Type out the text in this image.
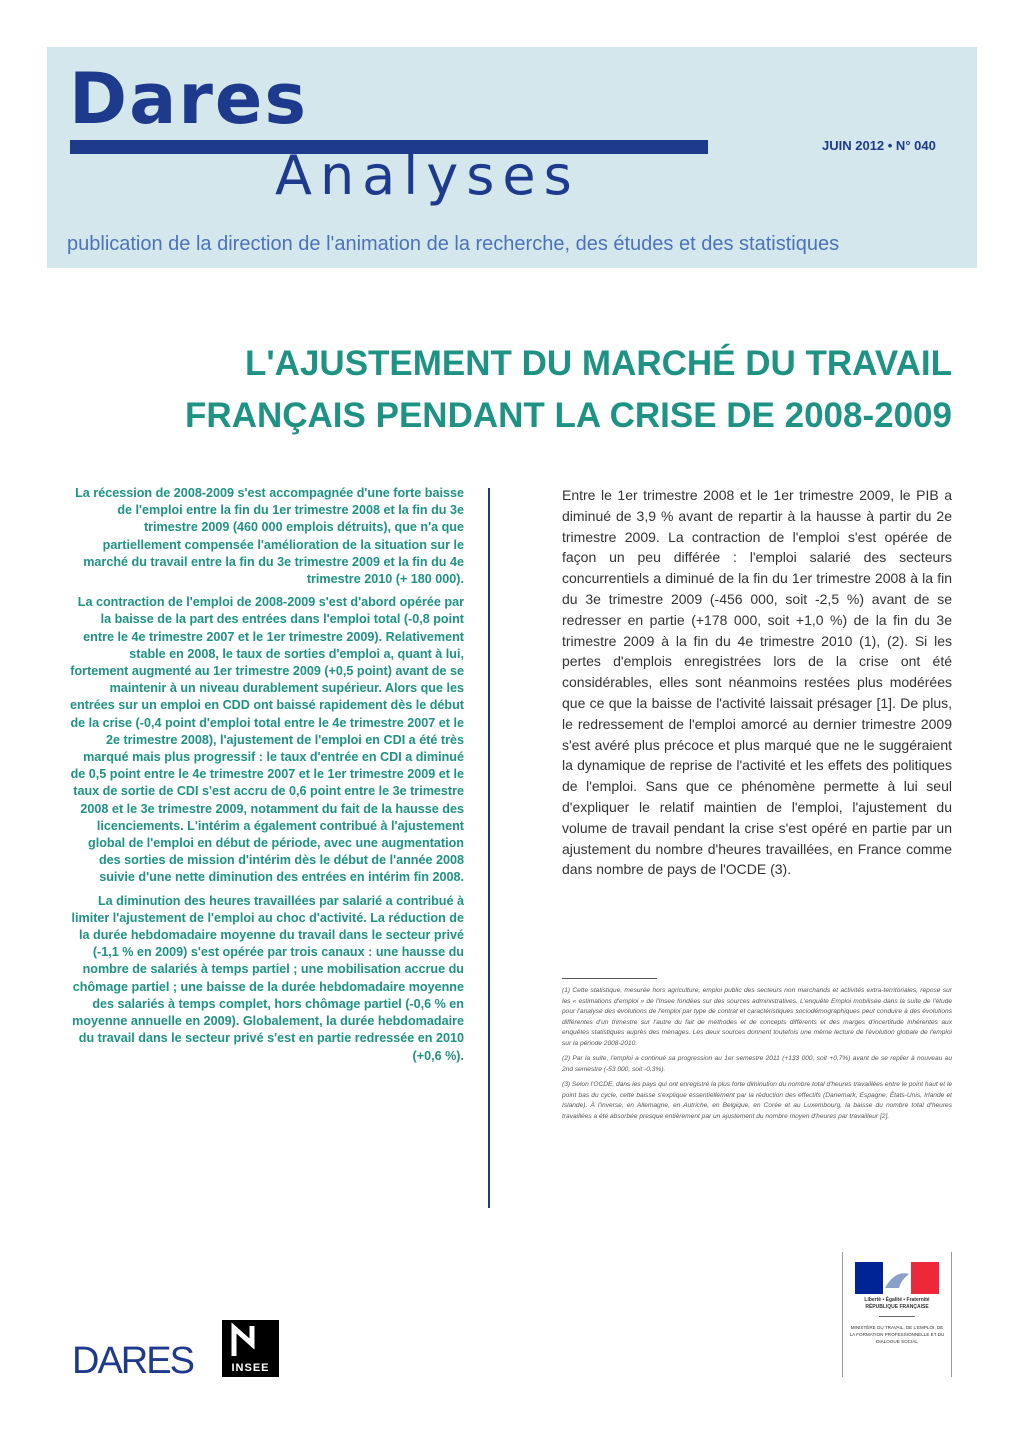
Dares
Analyses	JUIN 2012 • N° 040
publication de la direction de l'animation de la recherche, des études et des statistiques
L'AJUSTEMENT DU MARCHÉ DU TRAVAIL
FRANÇAIS PENDANT LA CRISE DE 2008-2009

La récession de 2008-2009 s'est accompagnée d'une forte baisse de l'emploi entre la fin du 1er trimestre 2008 et la fin du 3e trimestre 2009 (460 000 emplois détruits), que n'a que partiellement compensée l'amélioration de la situation sur le marché du travail entre la fin du 3e trimestre 2009 et la fin du 4e trimestre 2010 (+ 180 000).

La contraction de l'emploi de 2008-2009 s'est d'abord opérée par la baisse de la part des entrées dans l'emploi total (-0,8 point entre le 4e trimestre 2007 et le 1er trimestre 2009). Relativement stable en 2008, le taux de sorties d'emploi a, quant à lui, fortement augmenté au 1er trimestre 2009 (+0,5 point) avant de se maintenir à un niveau durablement supérieur. Alors que les entrées sur un emploi en CDD ont baissé rapidement dès le début de la crise (-0,4 point d'emploi total entre le 4e trimestre 2007 et le 2e trimestre 2008), l'ajustement de l'emploi en CDI a été très marqué mais plus progressif : le taux d'entrée en CDI a diminué de 0,5 point entre le 4e trimestre 2007 et le 1er trimestre 2009 et le taux de sortie de CDI s'est accru de 0,6 point entre le 3e trimestre 2008 et le 3e trimestre 2009, notamment du fait de la hausse des licenciements. L'intérim a également contribué à l'ajustement global de l'emploi en début de période, avec une augmentation des sorties de mission d'intérim dès le début de l'année 2008 suivie d'une nette diminution des entrées en intérim fin 2008.

La diminution des heures travaillées par salarié a contribué à limiter l'ajustement de l'emploi au choc d'activité. La réduction de la durée hebdomadaire moyenne du travail dans le secteur privé (-1,1 % en 2009) s'est opérée par trois canaux : une hausse du nombre de salariés à temps partiel ; une mobilisation accrue du chômage partiel ; une baisse de la durée hebdomadaire moyenne des salariés à temps complet, hors chômage partiel (-0,6 % en moyenne annuelle en 2009). Globalement, la durée hebdomadaire du travail dans le secteur privé s'est en partie redressée en 2010 (+0,6 %).

Entre le 1er trimestre 2008 et le 1er trimestre 2009, le PIB a diminué de 3,9 % avant de repartir à la hausse à partir du 2e trimestre 2009. La contraction de l'emploi s'est opérée de façon un peu différée : l'emploi salarié des secteurs concurrentiels a diminué de la fin du 1er trimestre 2008 à la fin du 3e trimestre 2009 (-456 000, soit -2,5 %) avant de se redresser en partie (+178 000, soit +1,0 %) de la fin du 3e trimestre 2009 à la fin du 4e trimestre 2010 (1), (2). Si les pertes d'emplois enregistrées lors de la crise ont été considérables, elles sont néanmoins restées plus modérées que ce que la baisse de l'activité laissait présager [1]. De plus, le redressement de l'emploi amorcé au dernier trimestre 2009 s'est avéré plus précoce et plus marqué que ne le suggéraient la dynamique de reprise de l'activité et les effets des politiques de l'emploi. Sans que ce phénomène permette à lui seul d'expliquer le relatif maintien de l'emploi, l'ajustement du volume de travail pendant la crise s'est opéré en partie par un ajustement du nombre d'heures travaillées, en France comme dans nombre de pays de l'OCDE (3).

(1) Cette statistique, mesurée hors agriculture, emploi public des secteurs non marchands et activités extra-territoriales, repose sur les « estimations d'emploi » de l'Insee fondées sur des sources administratives. L'enquête Emploi mobilisée dans la suite de l'étude pour l'analyse des évolutions de l'emploi par type de contrat et caractéristiques sociodémographiques peut conduire à des évolutions différentes d'un trimestre sur l'autre du fait de méthodes et de concepts différents et des marges d'incertitude inhérentes aux enquêtes statistiques auprès des ménages. Les deux sources donnent toutefois une même lecture de l'évolution globale de l'emploi sur la période 2008-2010.

(2) Par la suite, l'emploi a continué sa progression au 1er semestre 2011 (+133 000, soit +0,7%) avant de se replier à nouveau au 2nd semestre (-53 000, soit -0,3%).

(3) Selon l'OCDE, dans les pays qui ont enregistré la plus forte diminution du nombre total d'heures travaillées entre le point haut et le point bas du cycle, cette baisse s'explique essentiellement par la réduction des effectifs (Danemark, Espagne, États-Unis, Irlande et Islande). À l'inverse, en Allemagne, en Autriche, en Belgique, en Corée et au Luxembourg, la baisse du nombre total d'heures travaillées a été absorbée presque entièrement par un ajustement du nombre moyen d'heures par travailleur [2].

DARES	INSEE
Liberté • Égalité • Fraternité
RÉPUBLIQUE FRANÇAISE
MINISTÈRE DU TRAVAIL, DE L'EMPLOI, DE LA FORMATION PROFESSIONNELLE ET DU DIALOGUE SOCIAL
